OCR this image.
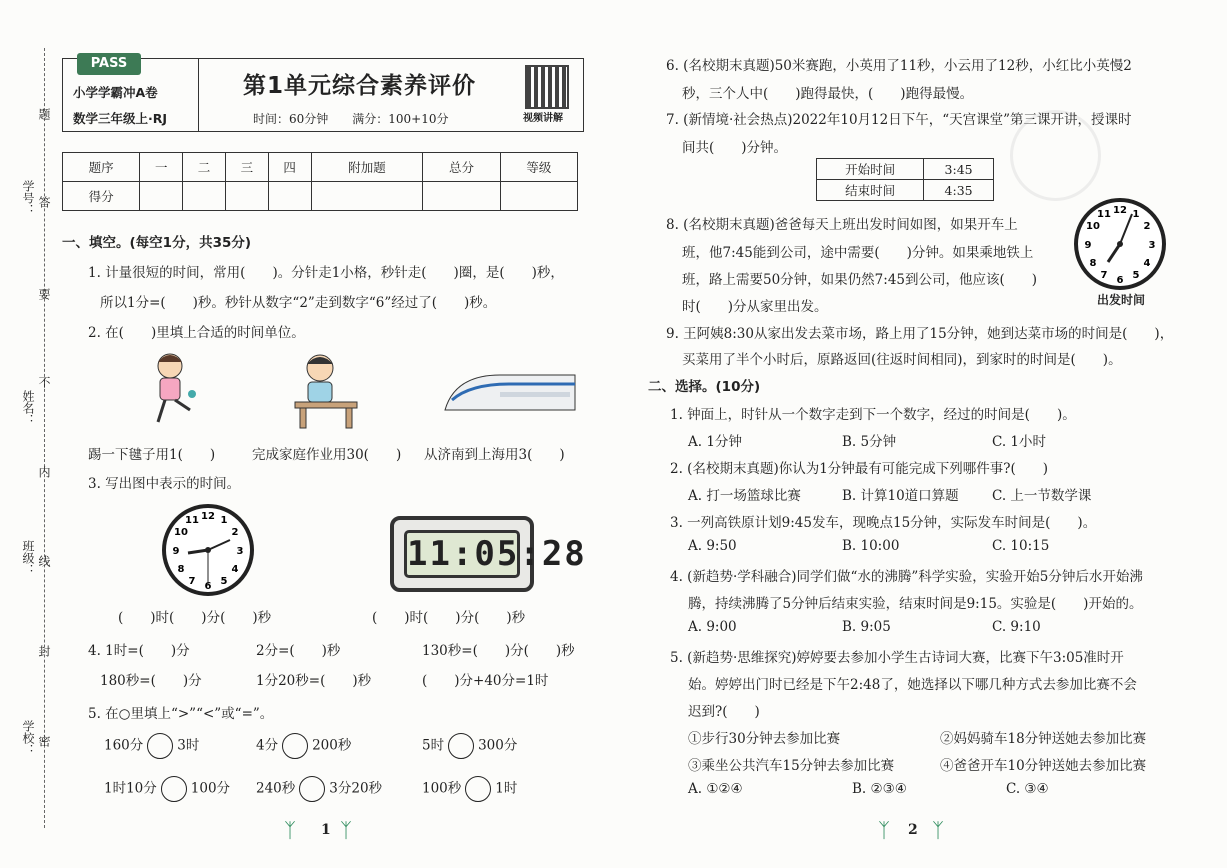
学号：
姓名：
班级：
学校：
题
答
要
不
内
线
封
密
PASS
小学学霸冲A卷
数学三年级上·RJ
第1单元综合素养评价
时间：60分钟　　满分：100+10分	视频讲解
题序	一	二	三	四	附加题	总分	等级
得分							
一、填空。(每空1分，共35分)
1. 计量很短的时间，常用(　　)。分针走1小格，秒针走(　　)圈，是(　　)秒，
所以1分=(　　)秒。秒针从数字“2”走到数字“6”经过了(　　)秒。
2. 在(　　)里填上合适的时间单位。
踢一下毽子用1(　　)	完成家庭作业用30(　　) 从济南到上海用3(　　)
3. 写出图中表示的时间。
12 1
2
3
4
5
6
7
8
9
10
11
11:05:28
(　　)时(　　)分(　　)秒	(　　)时(　　)分(　　)秒
4. 1时=(　　)分	2分=(　　)秒	130秒=(　　)分(　　)秒
180秒=(　　)分	1分20秒=(　　)秒	(　　)分+40分=1时
5. 在○里填上“>”“<”或“=”。
160分	3时	4分	200秒	5时	300分
1时10分	100分 240秒	3分20秒	100秒	1时
ᛉ 1 ᛉ
6. (名校期末真题)50米赛跑，小英用了11秒，小云用了12秒，小红比小英慢2
秒，三个人中(　　)跑得最快，(　　)跑得最慢。
7. (新情境·社会热点)2022年10月12日下午，“天宫课堂”第三课开讲，授课时
间共(　　)分钟。
开始时间	3:45
结束时间	4:35
8. (名校期末真题)爸爸每天上班出发时间如图，如果开车上
班，他7:45能到公司，途中需要(　　)分钟。如果乘地铁上
班，路上需要50分钟，如果仍然7:45到公司，他应该(　　)
时(　　)分从家里出发。
12 1
2
3
4
5
6
7
8
9
10
11
出发时间
9. 王阿姨8:30从家出发去菜市场，路上用了15分钟，她到达菜市场的时间是(　　)，
买菜用了半个小时后，原路返回(往返时间相同)，到家时的时间是(　　)。
二、选择。(10分)
1. 钟面上，时针从一个数字走到下一个数字，经过的时间是(　　)。
A. 1分钟	B. 5分钟	C. 1小时
2. (名校期末真题)你认为1分钟最有可能完成下列哪件事?(　　)
A. 打一场篮球比赛	B. 计算10道口算题 C. 上一节数学课
3. 一列高铁原计划9:45发车，现晚点15分钟，实际发车时间是(　　)。
A. 9:50	B. 10:00	C. 10:15
4. (新趋势·学科融合)同学们做“水的沸腾”科学实验，实验开始5分钟后水开始沸
腾，持续沸腾了5分钟后结束实验，结束时间是9:15。实验是(　　)开始的。
A. 9:00	B. 9:05	C. 9:10
5. (新趋势·思维探究)婷婷要去参加小学生古诗词大赛，比赛下午3:05准时开
始。婷婷出门时已经是下午2:48了，她选择以下哪几种方式去参加比赛不会
迟到?(　　)
①步行30分钟去参加比赛	②妈妈骑车18分钟送她去参加比赛
③乘坐公共汽车15分钟去参加比赛	④爸爸开车10分钟送她去参加比赛
A. ①②④	B. ②③④	C. ③④
ᛉ 2 ᛉ
